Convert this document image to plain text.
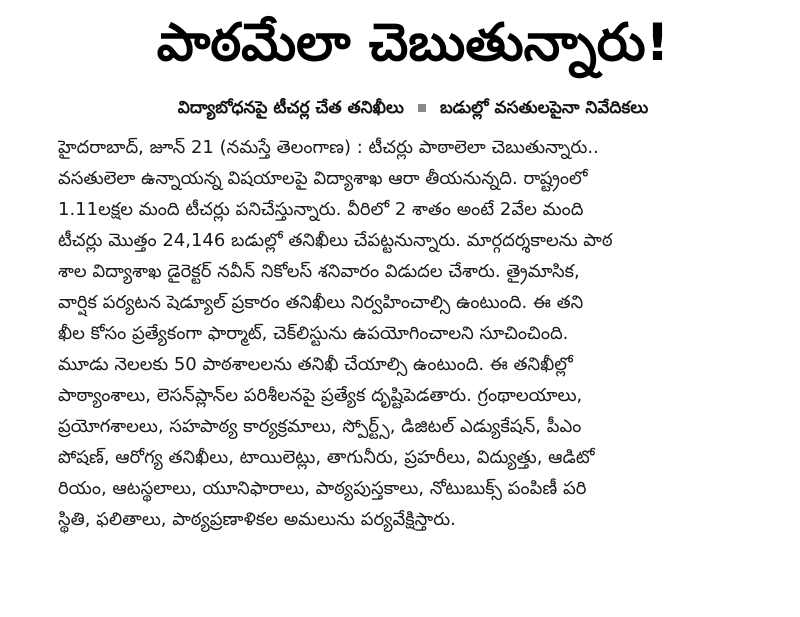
పాఠమేలా చెబుతున్నారు!
విద్యాబోధనపై టీచర్ల చేత తనిఖీలు బడుల్లో వసతులపైనా నివేదికలు
హైదరాబాద్, జూన్ 21 (నమస్తే తెలంగాణ) : టీచర్లు పాఠాలెలా చెబుతున్నారు..
వసతులెలా ఉన్నాయన్న విషయాలపై విద్యాశాఖ ఆరా తీయనున్నది. రాష్ట్రంలో
1.11లక్షల మంది టీచర్లు పనిచేస్తున్నారు. వీరిలో 2 శాతం అంటే 2వేల మంది
టీచర్లు మొత్తం 24,146 బడుల్లో తనిఖీలు చేపట్టనున్నారు. మార్గదర్శకాలను పాఠ
శాల విద్యాశాఖ డైరెక్టర్ నవీన్ నికోలస్ శనివారం విడుదల చేశారు. త్రైమాసిక,
వార్షిక పర్యటన షెడ్యూల్ ప్రకారం తనిఖీలు నిర్వహించాల్సి ఉంటుంది. ఈ తని
ఖీల కోసం ప్రత్యేకంగా ఫార్మాట్, చెక్‌లిస్టును ఉపయోగించాలని సూచించింది.
మూడు నెలలకు 50 పాఠశాలలను తనిఖీ చేయాల్సి ఉంటుంది. ఈ తనిఖీల్లో
పాఠ్యాంశాలు, లెసన్‌ప్లాన్‌ల పరిశీలనపై ప్రత్యేక దృష్టిపెడతారు. గ్రంథాలయాలు,
ప్రయోగశాలలు, సహపాఠ్య కార్యక్రమాలు, స్పోర్ట్స్, డిజిటల్ ఎడ్యుకేషన్, పీఎం
పోషణ్, ఆరోగ్య తనిఖీలు, టాయిలెట్లు, తాగునీరు, ప్రహరీలు, విద్యుత్తు, ఆడిటో
రియం, ఆటస్థలాలు, యూనిఫారాలు, పాఠ్యపుస్తకాలు, నోటుబుక్స్ పంపిణీ పరి
స్థితి, ఫలితాలు, పాఠ్యప్రణాళికల అమలును పర్యవేక్షిస్తారు.
